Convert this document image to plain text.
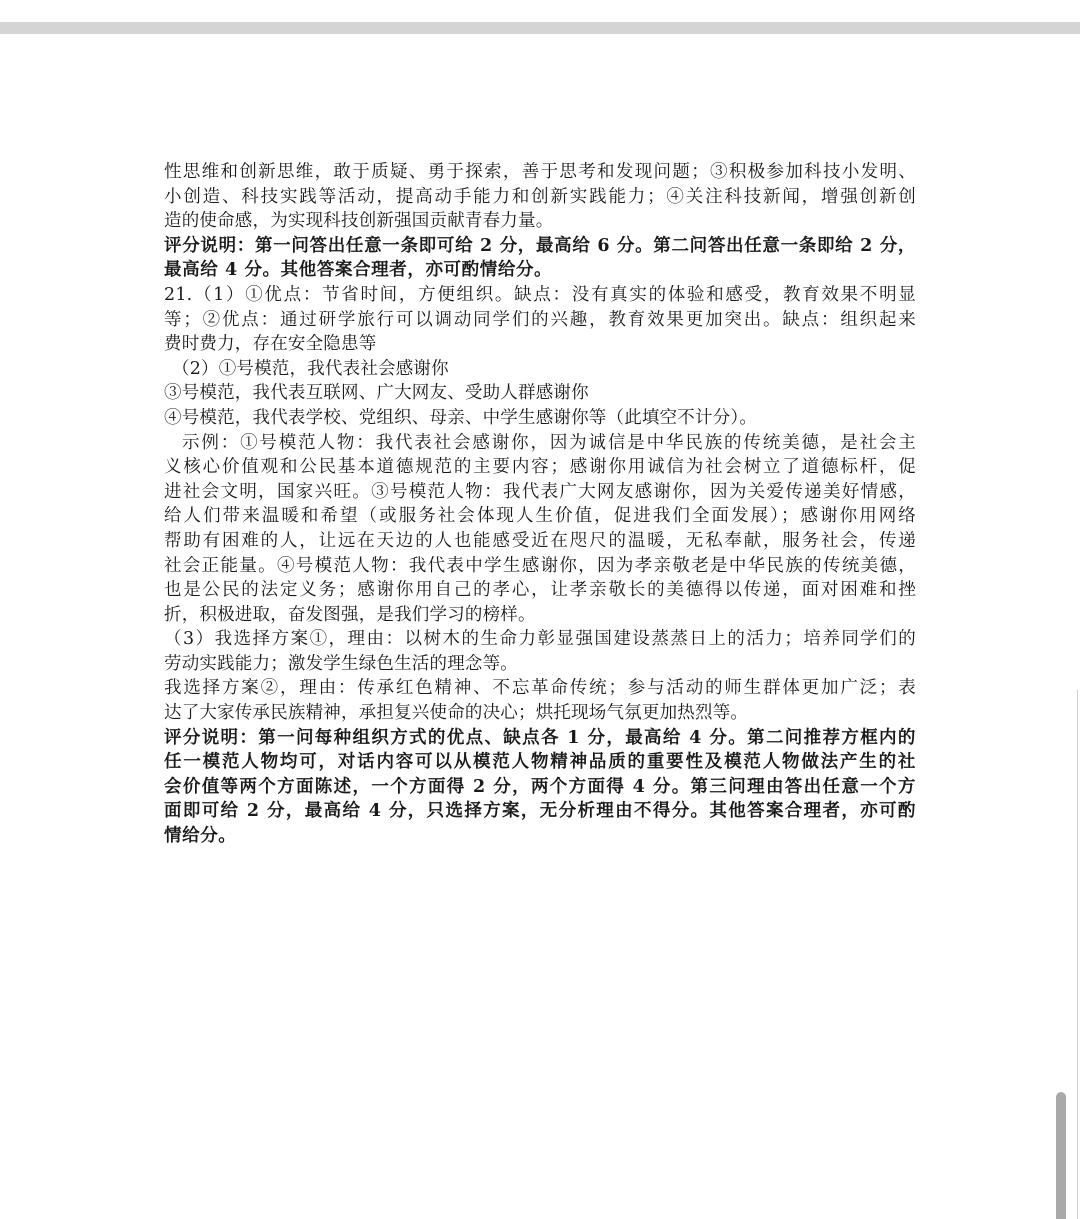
性思维和创新思维，敢于质疑、勇于探索，善于思考和发现问题；③积极参加科技小发明、
小创造、科技实践等活动，提高动手能力和创新实践能力；④关注科技新闻，增强创新创
造的使命感，为实现科技创新强国贡献青春力量。
评分说明：第一问答出任意一条即可给 2 分，最高给 6 分。第二问答出任意一条即给 2 分，
最高给 4 分。其他答案合理者，亦可酌情给分。
21.（1）①优点：节省时间，方便组织。缺点：没有真实的体验和感受，教育效果不明显
等；②优点：通过研学旅行可以调动同学们的兴趣，教育效果更加突出。缺点：组织起来
费时费力，存在安全隐患等
（2）①号模范，我代表社会感谢你
③号模范，我代表互联网、广大网友、受助人群感谢你
④号模范，我代表学校、党组织、母亲、中学生感谢你等（此填空不计分）。
示例：①号模范人物：我代表社会感谢你，因为诚信是中华民族的传统美德，是社会主
义核心价值观和公民基本道德规范的主要内容；感谢你用诚信为社会树立了道德标杆，促
进社会文明，国家兴旺。③号模范人物：我代表广大网友感谢你，因为关爱传递美好情感，
给人们带来温暖和希望（或服务社会体现人生价值，促进我们全面发展）；感谢你用网络
帮助有困难的人，让远在天边的人也能感受近在咫尺的温暖，无私奉献，服务社会，传递
社会正能量。④号模范人物：我代表中学生感谢你，因为孝亲敬老是中华民族的传统美德，
也是公民的法定义务；感谢你用自己的孝心，让孝亲敬长的美德得以传递，面对困难和挫
折，积极进取，奋发图强，是我们学习的榜样。
（3）我选择方案①，理由：以树木的生命力彰显强国建设蒸蒸日上的活力；培养同学们的
劳动实践能力；激发学生绿色生活的理念等。
我选择方案②，理由：传承红色精神、不忘革命传统；参与活动的师生群体更加广泛；表
达了大家传承民族精神，承担复兴使命的决心；烘托现场气氛更加热烈等。
评分说明：第一问每种组织方式的优点、缺点各 1 分，最高给 4 分。第二问推荐方框内的
任一模范人物均可，对话内容可以从模范人物精神品质的重要性及模范人物做法产生的社
会价值等两个方面陈述，一个方面得 2 分，两个方面得 4 分。第三问理由答出任意一个方
面即可给 2 分，最高给 4 分，只选择方案，无分析理由不得分。其他答案合理者，亦可酌
情给分。
